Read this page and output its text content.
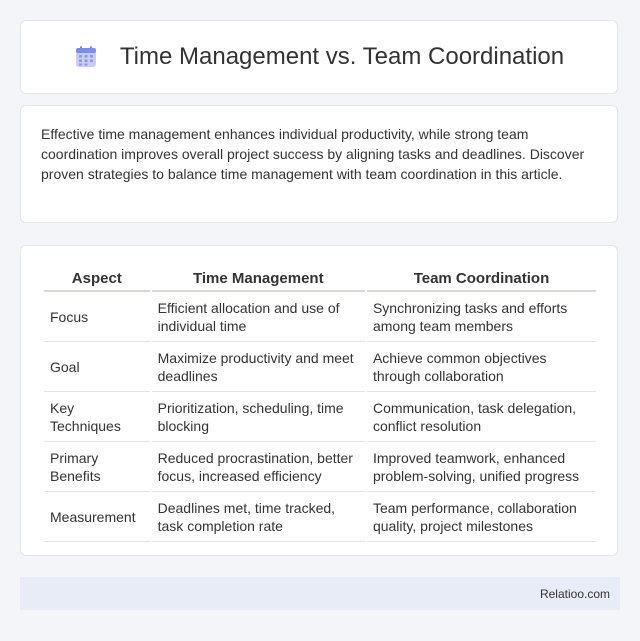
Time Management vs. Team Coordination

Effective time management enhances individual productivity, while strong team coordination improves overall project success by aligning tasks and deadlines. Discover proven strategies to balance time management with team coordination in this article.

Aspect	Time Management	Team Coordination
Focus	Efficient allocation and use of individual time	Synchronizing tasks and efforts among team members
Goal	Maximize productivity and meet deadlines	Achieve common objectives through collaboration
Key Techniques	Prioritization, scheduling, time blocking	Communication, task delegation, conflict resolution
Primary Benefits	Reduced procrastination, better focus, increased efficiency	Improved teamwork, enhanced problem-solving, unified progress
Measurement	Deadlines met, time tracked, task completion rate	Team performance, collaboration quality, project milestones
Relatioo.com
